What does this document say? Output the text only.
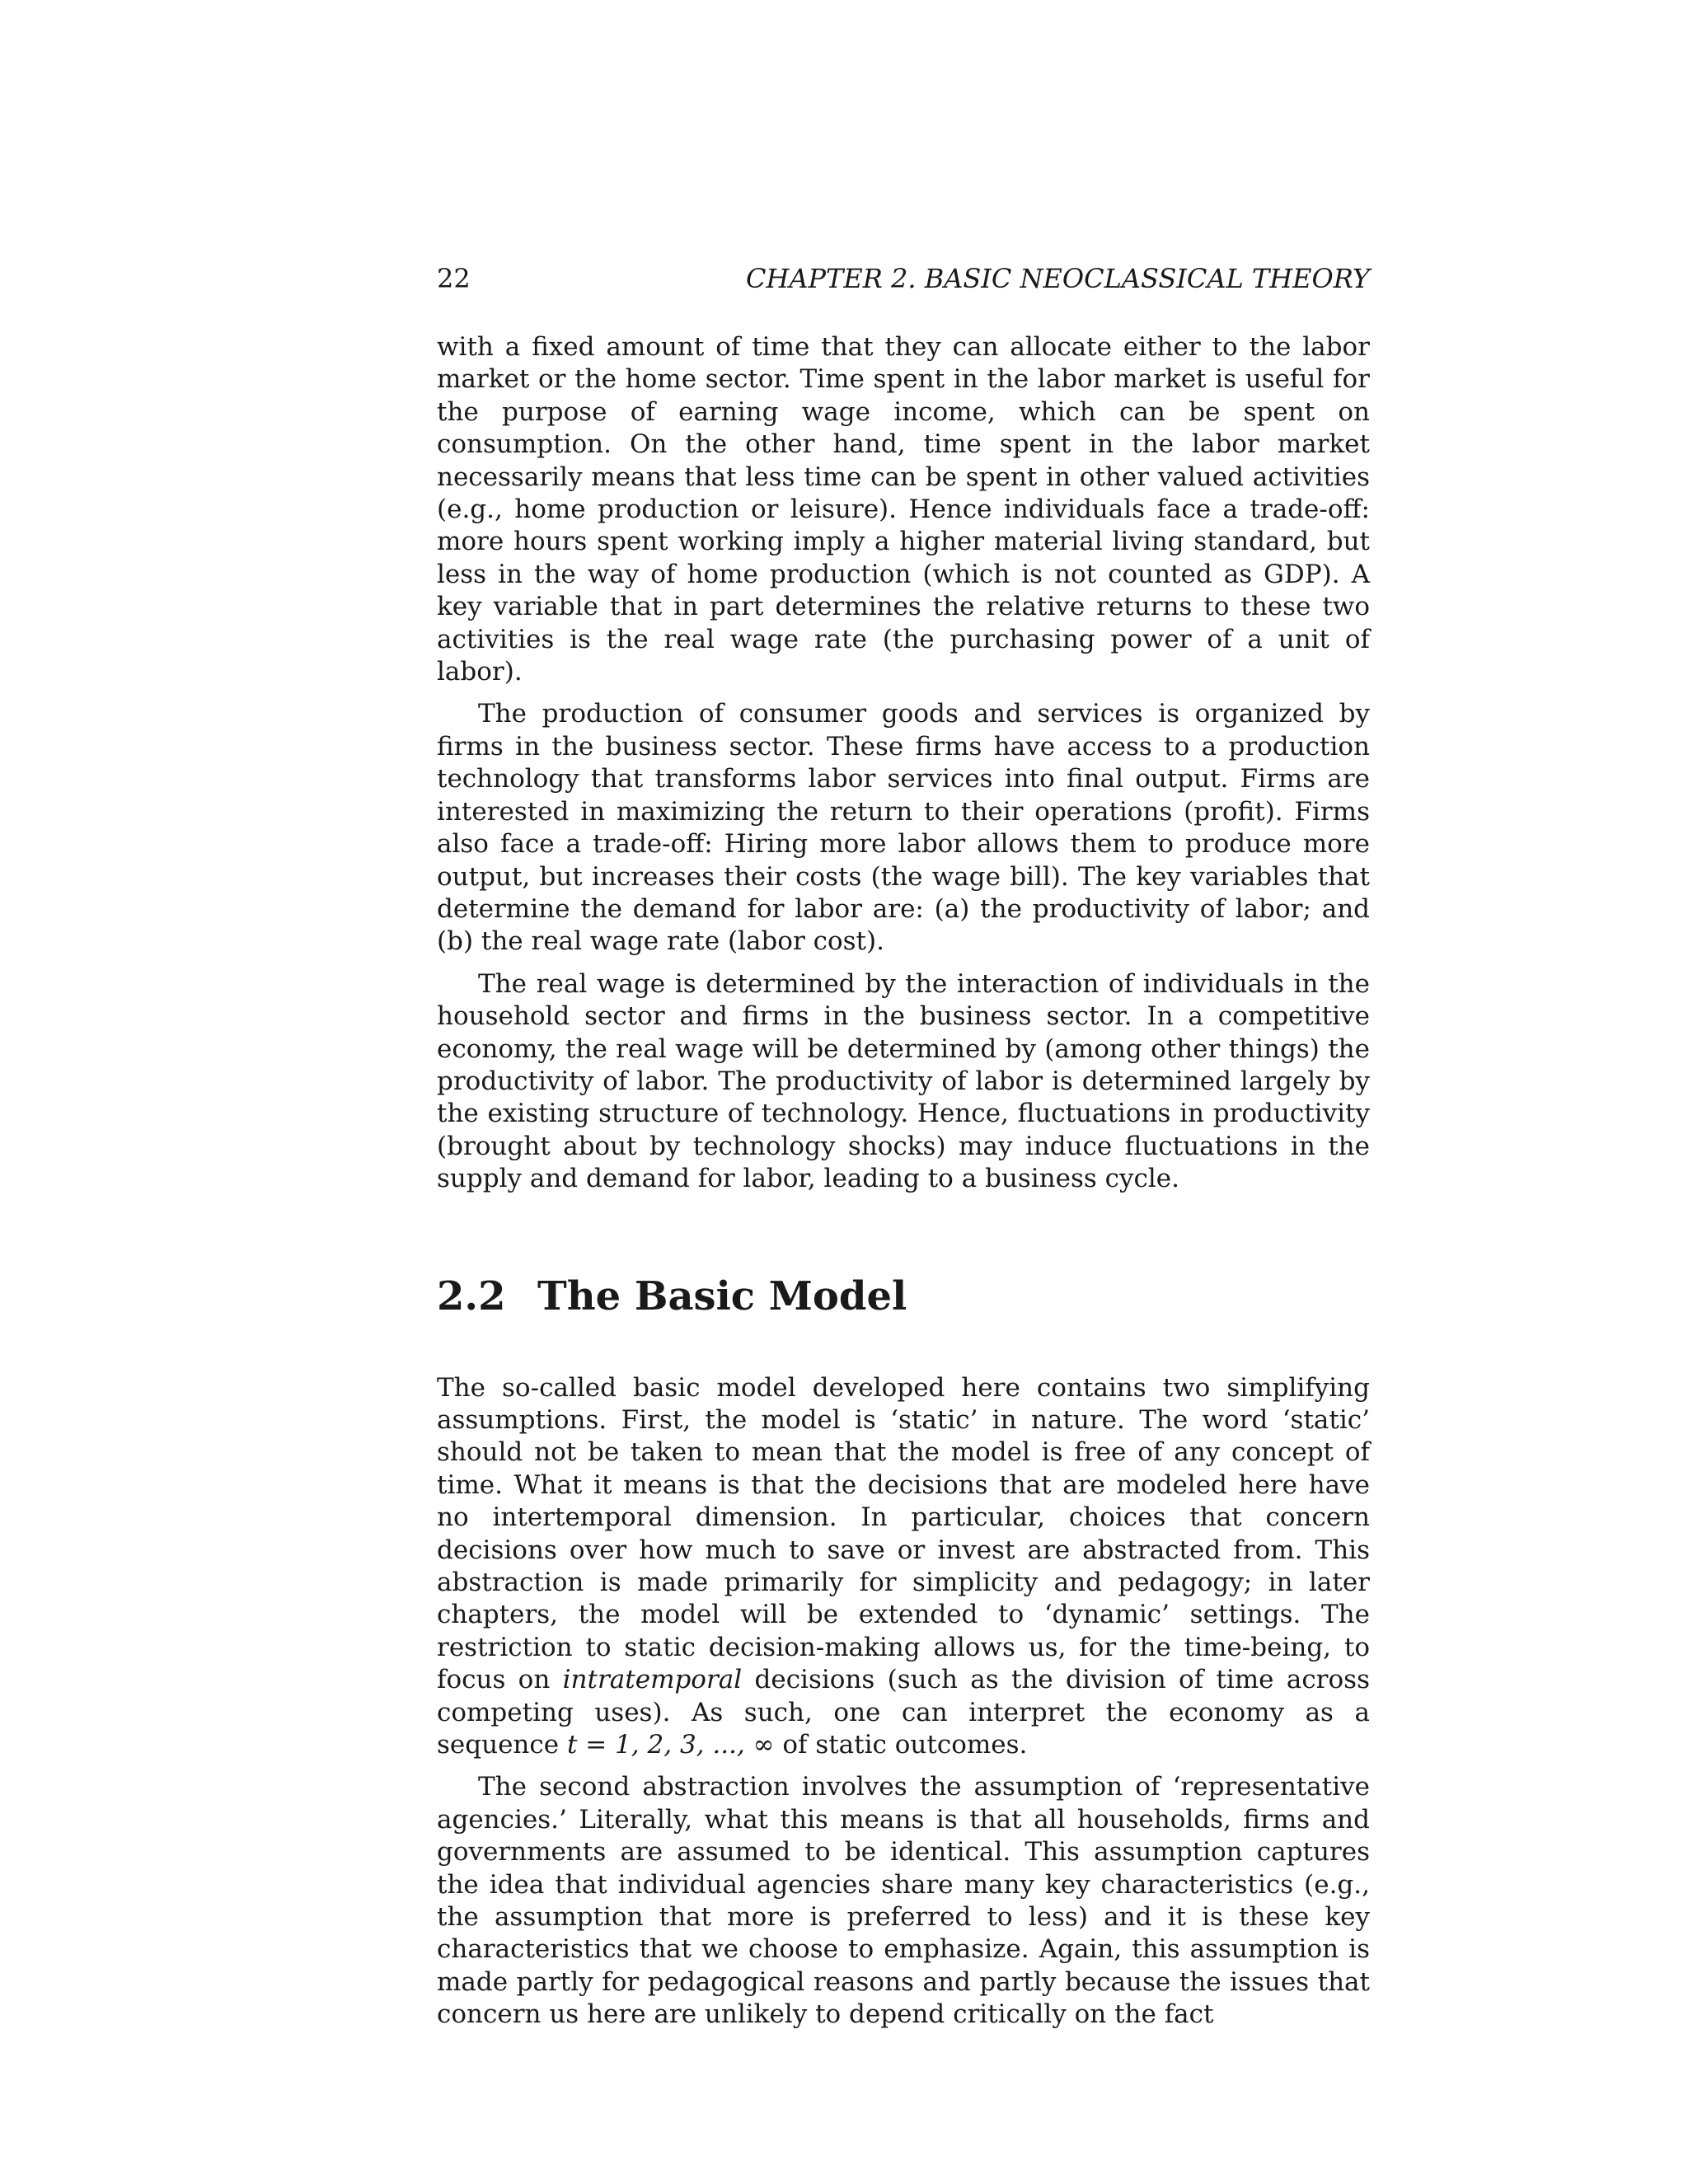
22	CHAPTER 2. BASIC NEOCLASSICAL THEORY

with a fixed amount of time that they can allocate either to the labor market or the home sector. Time spent in the labor market is useful for the purpose of earning wage income, which can be spent on consumption. On the other hand, time spent in the labor market necessarily means that less time can be spent in other valued activities (e.g., home production or leisure). Hence individuals face a trade-off: more hours spent working imply a higher material living standard, but less in the way of home production (which is not counted as GDP). A key variable that in part determines the relative returns to these two activities is the real wage rate (the purchasing power of a unit of labor).

The production of consumer goods and services is organized by firms in the business sector. These firms have access to a production technology that transforms labor services into final output. Firms are interested in maximizing the return to their operations (profit). Firms also face a trade-off: Hiring more labor allows them to produce more output, but increases their costs (the wage bill). The key variables that determine the demand for labor are: (a) the productivity of labor; and (b) the real wage rate (labor cost).

The real wage is determined by the interaction of individuals in the household sector and firms in the business sector. In a competitive economy, the real wage will be determined by (among other things) the productivity of labor. The productivity of labor is determined largely by the existing structure of technology. Hence, fluctuations in productivity (brought about by technology shocks) may induce fluctuations in the supply and demand for labor, leading to a business cycle.

2.2 The Basic Model

The so-called basic model developed here contains two simplifying assumptions. First, the model is ‘static’ in nature. The word ‘static’ should not be taken to mean that the model is free of any concept of time. What it means is that the decisions that are modeled here have no intertemporal dimension. In particular, choices that concern decisions over how much to save or invest are abstracted from. This abstraction is made primarily for simplicity and pedagogy; in later chapters, the model will be extended to ‘dynamic’ settings. The restriction to static decision-making allows us, for the time-being, to focus on intratemporal decisions (such as the division of time across competing uses). As such, one can interpret the economy as a sequence t = 1, 2, 3, ..., ∞ of static outcomes.

The second abstraction involves the assumption of ‘representative agencies.’ Literally, what this means is that all households, firms and governments are assumed to be identical. This assumption captures the idea that individual agencies share many key characteristics (e.g., the assumption that more is preferred to less) and it is these key characteristics that we choose to emphasize. Again, this assumption is made partly for pedagogical reasons and partly because the issues that concern us here are unlikely to depend critically on the fact
